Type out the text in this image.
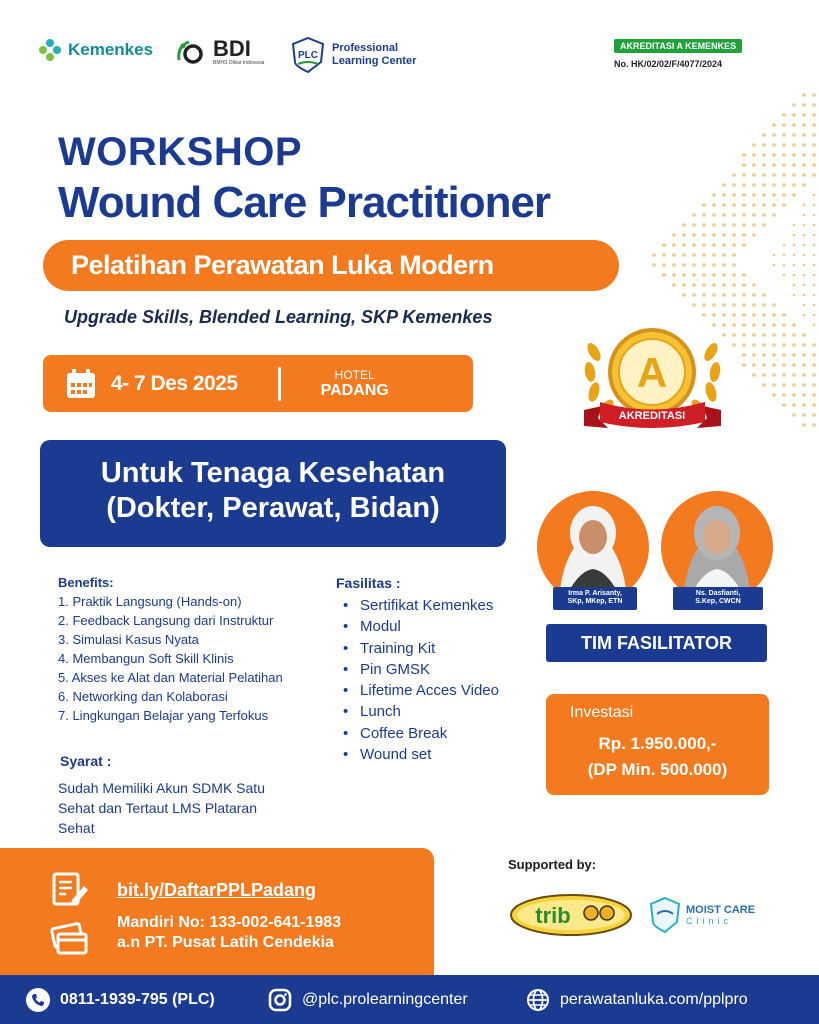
Kemenkes	BDI
BMHS Diklat Indonesia
PLC
Professional
Learning Center
AKREDITASI A KEMENKES
No. HK/02/02/F/4077/2024
WORKSHOP
Wound Care Practitioner
Pelatihan Perawatan Luka Modern
Upgrade Skills, Blended Learning, SKP Kemenkes
4- 7 Des 2025	HOTEL
PADANG	A
AKREDITASI
Untuk Tenaga Kesehatan
(Dokter, Perawat, Bidan)
Irma P. Arisanty,
SKp, MKep, ETN
Ns. Dasfianti,
S.Kep, CWCN
TIM FASILITATOR
Benefits:
1. Praktik Langsung (Hands-on)
2. Feedback Langsung dari Instruktur
3. Simulasi Kasus Nyata
4. Membangun Soft Skill Klinis
5. Akses ke Alat dan Material Pelatihan
6. Networking dan Kolaborasi
7. Lingkungan Belajar yang Terfokus
Fasilitas :
• Sertifikat Kemenkes
• Modul
• Training Kit
• Pin GMSK
• Lifetime Acces Video
• Lunch
• Coffee Break
• Wound set
Syarat :
Sudah Memiliki Akun SDMK Satu
Sehat dan Tertaut LMS Plataran
Sehat
Investasi
Rp. 1.950.000,-
(DP Min. 500.000)
bit.ly/DaftarPPLPadang
Mandiri No: 133-002-641-1983
a.n PT. Pusat Latih Cendekia
Supported by:
trib	MOIST CARE
Clinic
0811-1939-795 (PLC)	@plc.prolearningcenter	perawatanluka.com/pplpro
